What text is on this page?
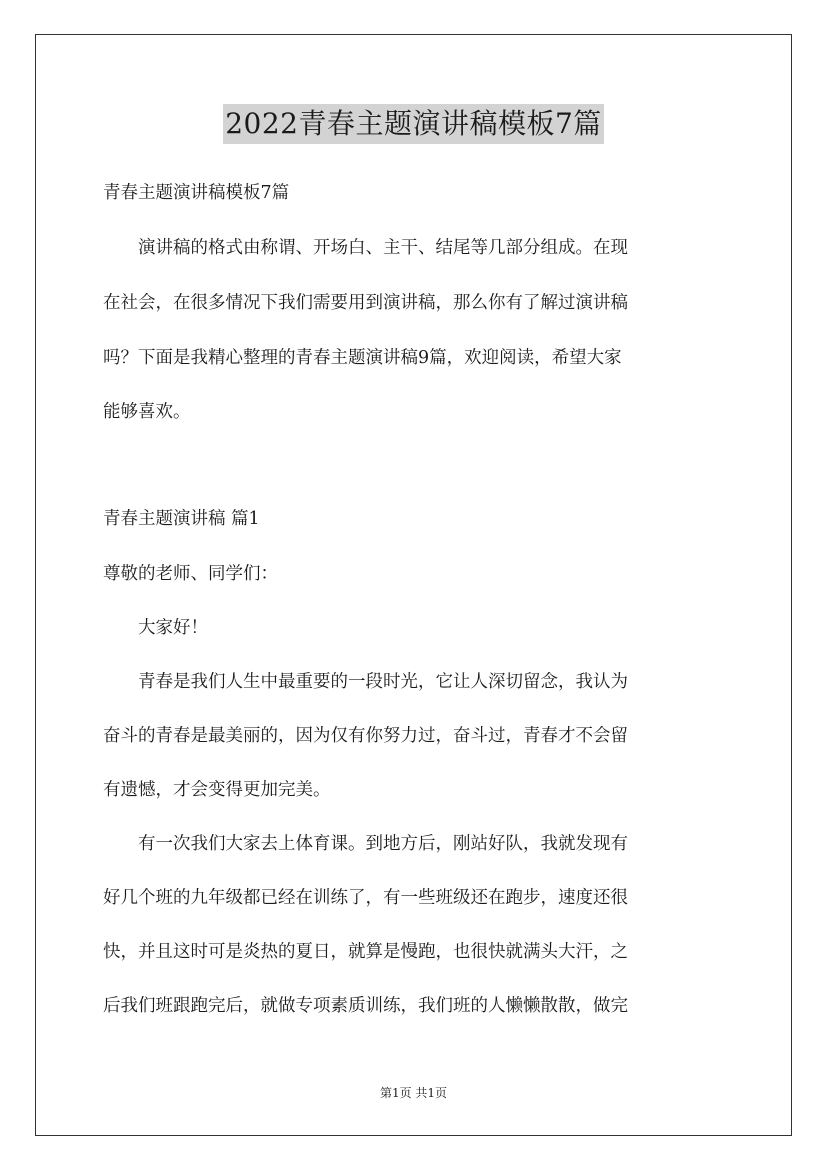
2022青春主题演讲稿模板7篇

青春主题演讲稿模板7篇

　　演讲稿的格式由称谓、开场白、主干、结尾等几部分组成。在现

在社会，在很多情况下我们需要用到演讲稿，那么你有了解过演讲稿

吗？下面是我精心整理的青春主题演讲稿9篇，欢迎阅读，希望大家

能够喜欢。

青春主题演讲稿 篇1

尊敬的老师、同学们：

　　大家好！

　　青春是我们人生中最重要的一段时光，它让人深切留念，我认为

奋斗的青春是最美丽的，因为仅有你努力过，奋斗过，青春才不会留

有遗憾，才会变得更加完美。

　　有一次我们大家去上体育课。到地方后，刚站好队，我就发现有

好几个班的九年级都已经在训练了，有一些班级还在跑步，速度还很

快，并且这时可是炎热的夏日，就算是慢跑，也很快就满头大汗，之

后我们班跟跑完后，就做专项素质训练，我们班的人懒懒散散，做完

第1页 共1页
